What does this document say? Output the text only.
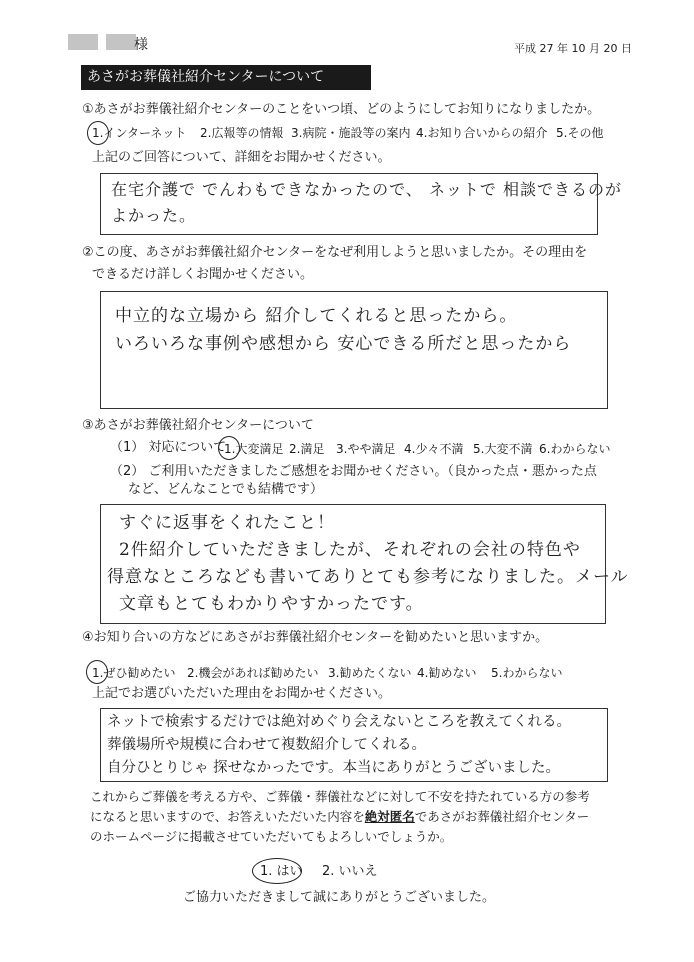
様	平成 27 年 10 月 20 日
あさがお葬儀社紹介センターについて
①あさがお葬儀社紹介センターのことをいつ頃、どのようにしてお知りになりましたか。
1.インターネット 2.広報等の情報 3.病院・施設等の案内 4.お知り合いからの紹介 5.その他
上記のご回答について、詳細をお聞かせください。
在宅介護で でんわもできなかったので、 ネットで 相談できるのが
よかった。
②この度、あさがお葬儀社紹介センターをなぜ利用しようと思いましたか。その理由を
できるだけ詳しくお聞かせください。
中立的な立場から 紹介してくれると思ったから。
いろいろな事例や感想から 安心できる所だと思ったから
③あさがお葬儀社紹介センターについて
（1） 対応について
1.大変満足 2.満足 3.やや満足 4.少々不満 5.大変不満 6.わからない
（2） ご利用いただきましたご感想をお聞かせください。（良かった点・悪かった点
など、どんなことでも結構です）
すぐに返事をくれたこと！
2件紹介していただきましたが、それぞれの会社の特色や
得意なところなども書いてありとても参考になりました。メール
文章もとてもわかりやすかったです。
④お知り合いの方などにあさがお葬儀社紹介センターを勧めたいと思いますか。
1.ぜひ勧めたい 2.機会があれば勧めたい 3.勧めたくない 4.勧めない 5.わからない
上記でお選びいただいた理由をお聞かせください。
ネットで検索するだけでは絶対めぐり会えないところを教えてくれる。
葬儀場所や規模に合わせて複数紹介してくれる。
自分ひとりじゃ 探せなかったです。本当にありがとうございました。
これからご葬儀を考える方や、ご葬儀・葬儀社などに対して不安を持たれている方の参考
になると思いますので、お答えいただいた内容を絶対匿名であさがお葬儀社紹介センター
のホームページに掲載させていただいてもよろしいでしょうか。
1. はい 2. いいえ
ご協力いただきまして誠にありがとうございました。
